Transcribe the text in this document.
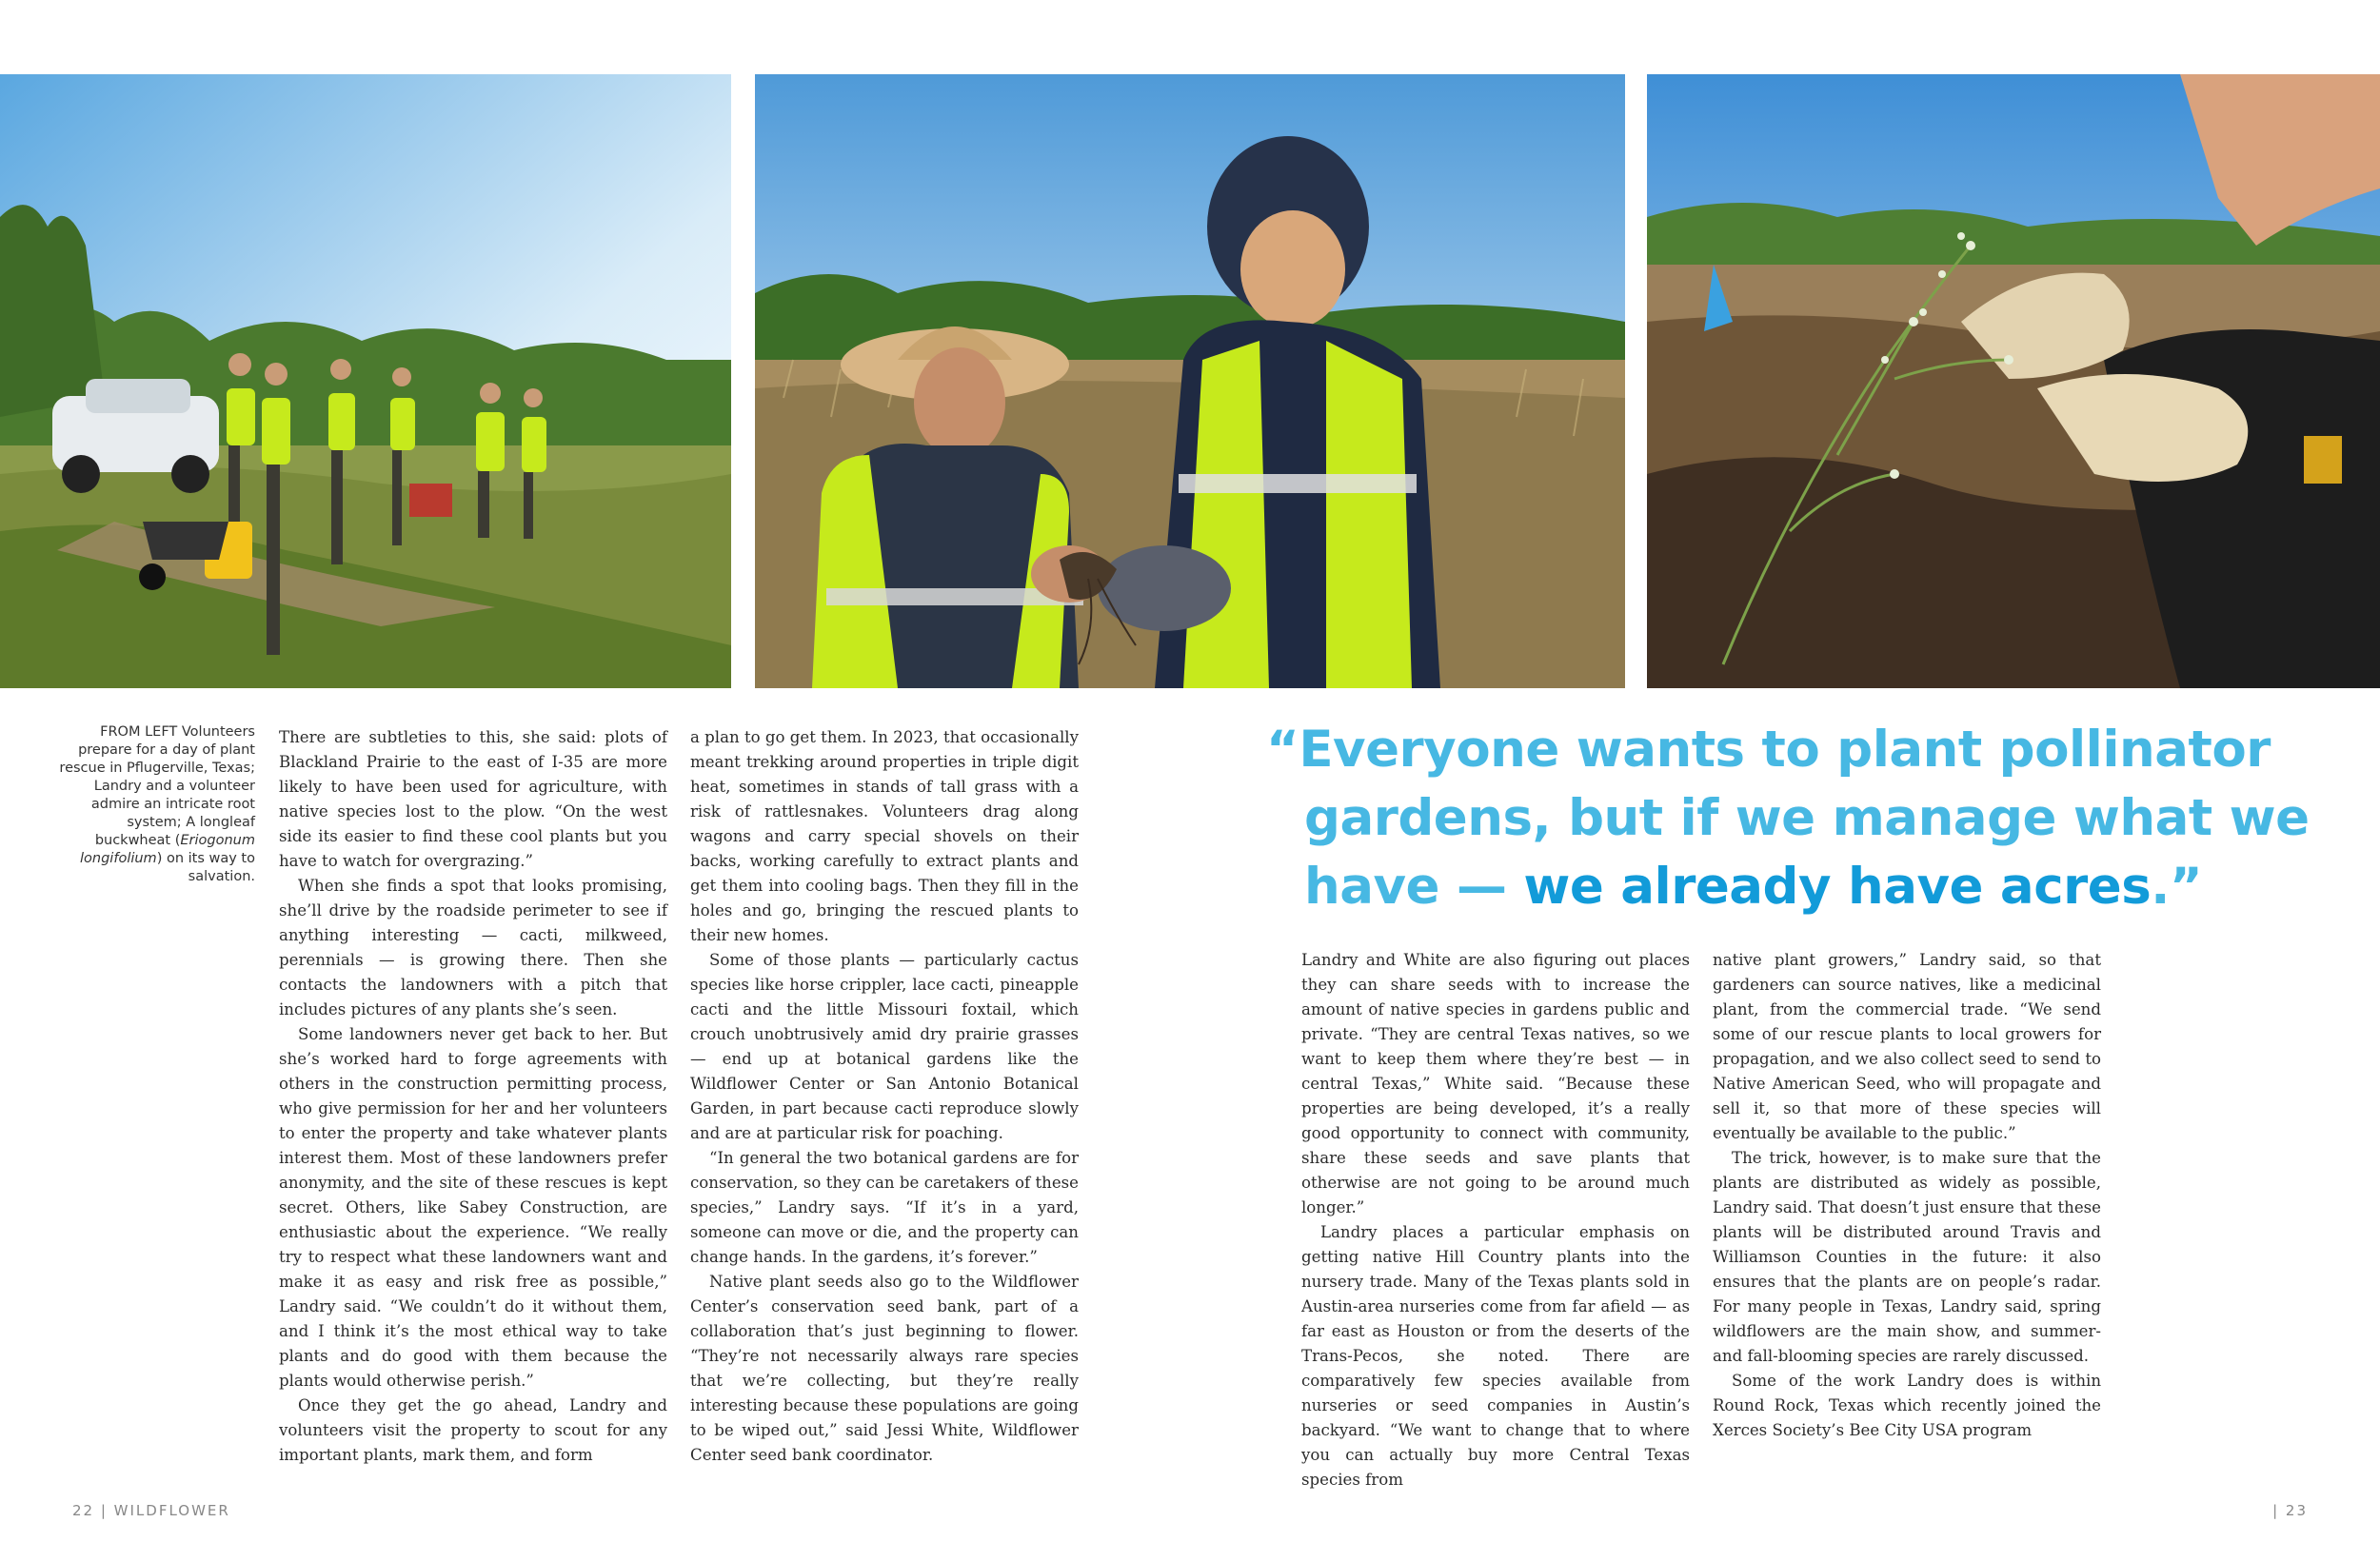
FROM LEFT Volunteers prepare for a day of plant rescue in Pflugerville, Texas; Landry and a volunteer admire an intricate root system; A longleaf buckwheat (Eriogonum longifolium) on its way to salvation.

There are subtleties to this, she said: plots of Blackland Prairie to the east of I-35 are more likely to have been used for agriculture, with native species lost to the plow. “On the west side its easier to find these cool plants but you have to watch for overgrazing.”

When she finds a spot that looks promising, she’ll drive by the roadside perimeter to see if anything interesting — cacti, milkweed, perennials — is growing there. Then she contacts the landowners with a pitch that includes pictures of any plants she’s seen.

Some landowners never get back to her. But she’s worked hard to forge agreements with others in the construction permitting process, who give permission for her and her volunteers to enter the property and take whatever plants interest them. Most of these landowners prefer anonymity, and the site of these rescues is kept secret. Others, like Sabey Construction, are enthusiastic about the experience. “We really try to respect what these landowners want and make it as easy and risk free as possible,” Landry said. “We couldn’t do it without them, and I think it’s the most ethical way to take plants and do good with them because the plants would otherwise perish.”

Once they get the go ahead, Landry and volunteers visit the property to scout for any important plants, mark them, and form

a plan to go get them. In 2023, that occasionally meant trekking around properties in triple digit heat, sometimes in stands of tall grass with a risk of rattlesnakes. Volunteers drag along wagons and carry special shovels on their backs, working carefully to extract plants and get them into cooling bags. Then they fill in the holes and go, bringing the rescued plants to their new homes.

Some of those plants — particularly cactus species like horse crippler, lace cacti, pineapple cacti and the little Missouri foxtail, which crouch unobtrusively amid dry prairie grasses — end up at botanical gardens like the Wildflower Center or San Antonio Botanical Garden, in part because cacti reproduce slowly and are at particular risk for poaching.

“In general the two botanical gardens are for conservation, so they can be caretakers of these species,” Landry says. “If it’s in a yard, someone can move or die, and the property can change hands. In the gardens, it’s forever.”

Native plant seeds also go to the Wildflower Center’s conservation seed bank, part of a collaboration that’s just beginning to flower. “They’re not necessarily always rare species that we’re collecting, but they’re really interesting because these populations are going to be wiped out,” said Jessi White, Wildflower Center seed bank coordinator.

“Everyone wants to plant pollinator gardens, but if we manage what we have — we already have acres.”

Landry and White are also figuring out places they can share seeds with to increase the amount of native species in gardens public and private. “They are central Texas natives, so we want to keep them where they’re best — in central Texas,” White said. “Because these properties are being developed, it’s a really good opportunity to connect with community, share these seeds and save plants that otherwise are not going to be around much longer.”

Landry places a particular emphasis on getting native Hill Country plants into the nursery trade. Many of the Texas plants sold in Austin-area nurseries come from far afield — as far east as Houston or from the deserts of the Trans-Pecos, she noted. There are comparatively few species available from nurseries or seed companies in Austin’s backyard. “We want to change that to where you can actually buy more Central Texas species from

native plant growers,” Landry said, so that gardeners can source natives, like a medicinal plant, from the commercial trade. “We send some of our rescue plants to local growers for propagation, and we also collect seed to send to Native American Seed, who will propagate and sell it, so that more of these species will eventually be available to the public.”

The trick, however, is to make sure that the plants are distributed as widely as possible, Landry said. That doesn’t just ensure that these plants will be distributed around Travis and Williamson Counties in the future: it also ensures that the plants are on people’s radar. For many people in Texas, Landry said, spring wildflowers are the main show, and summer- and fall-blooming species are rarely discussed.

Some of the work Landry does is within Round Rock, Texas which recently joined the Xerces Society’s Bee City USA program

22 | WILDFLOWER	| 23
